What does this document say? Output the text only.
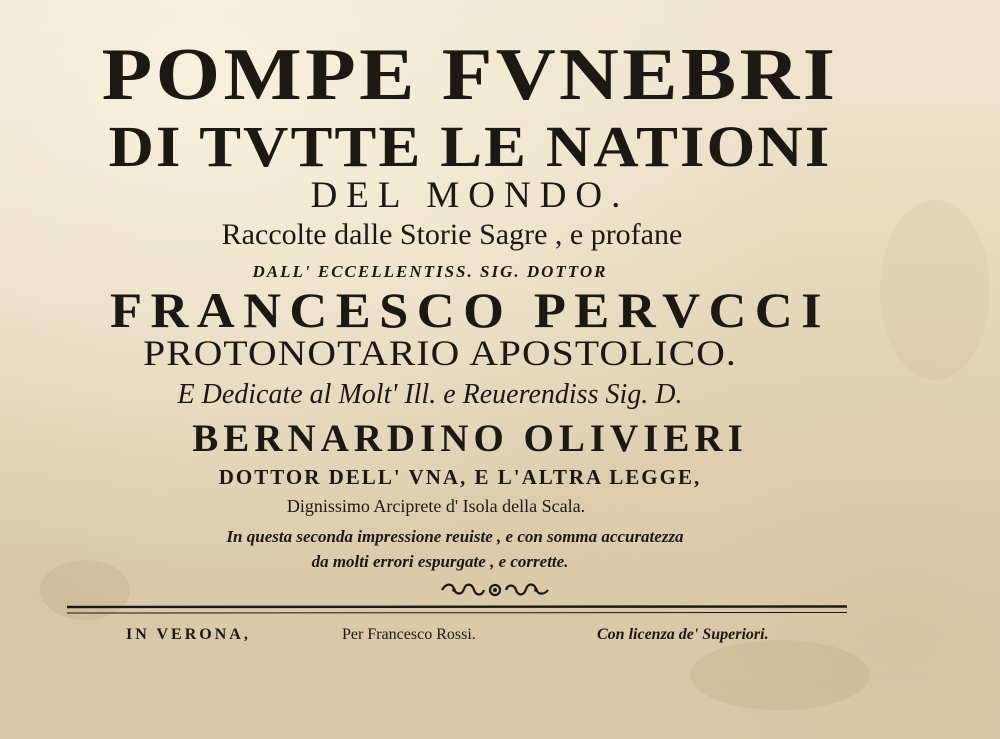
POMPE FVNEBRI
DI TVTTE LE NATIONI
DEL MONDO.
Raccolte dalle Storie Sagre , e profane
DALL' ECCELLENTISS. SIG. DOTTOR
FRANCESCO PERVCCI
PROTONOTARIO APOSTOLICO.
E Dedicate al Molt' Ill. e Reuerendiss Sig. D.
BERNARDINO OLIVIERI
DOTTOR DELL' VNA, E L'ALTRA LEGGE,
Dignissimo Arciprete d' Isola della Scala.
In questa seconda impressione reuiste , e con somma accuratezza
da molti errori espurgate , e corrette.
IN VERONA,	Per Francesco Rossi.	Con licenza de' Superiori.
